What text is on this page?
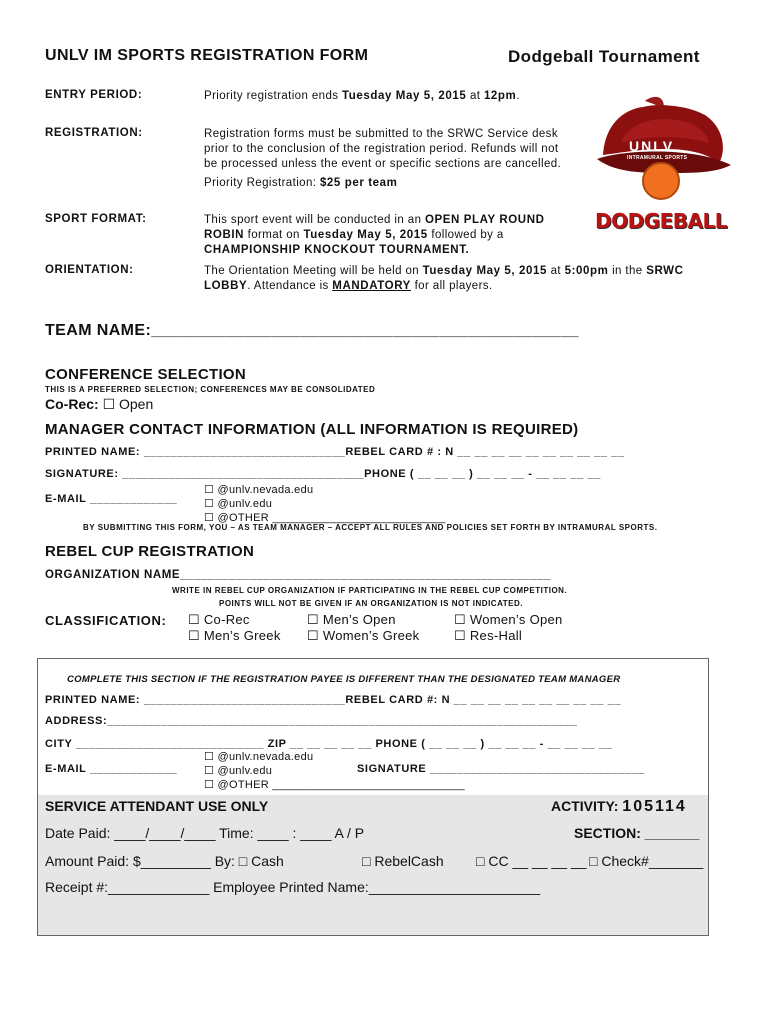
UNLV IM SPORTS REGISTRATION FORM	Dodgeball Tournament
UNLV
INTRAMURAL SPORTS
DODGEBALL
ENTRY PERIOD:	Priority registration ends Tuesday May 5, 2015 at 12pm.
REGISTRATION:	Registration forms must be submitted to the SRWC Service desk
prior to the conclusion of the registration period. Refunds will not
be processed unless the event or specific sections are cancelled.
Priority Registration: $25 per team
SPORT FORMAT:	This sport event will be conducted in an OPEN PLAY ROUND
ROBIN format on Tuesday May 5, 2015 followed by a
CHAMPIONSHIP KNOCKOUT TOURNAMENT.
ORIENTATION:	The Orientation Meeting will be held on Tuesday May 5, 2015 at 5:00pm in the SRWC
LOBBY. Attendance is MANDATORY for all players.
TEAM NAME:______________________________________________
CONFERENCE SELECTION
THIS IS A PREFERRED SELECTION; CONFERENCES MAY BE CONSOLIDATED
Co-Rec: ☐ Open
MANAGER CONTACT INFORMATION (ALL INFORMATION IS REQUIRED)
PRINTED NAME: ______________________________REBEL CARD # : N __ __ __ __ __ __ __ __ __ __
SIGNATURE: ____________________________________PHONE ( __ __ __ ) __ __ __ - __ __ __ __
E-MAIL _____________
☐ @unlv.nevada.edu
☐ @unlv.edu
☐ @OTHER ___________________________
BY SUBMITTING THIS FORM, YOU – AS TEAM MANAGER – ACCEPT ALL RULES AND POLICIES SET FORTH BY INTRAMURAL SPORTS.
REBEL CUP REGISTRATION
ORGANIZATION NAME_____________________________________________________
WRITE IN REBEL CUP ORGANIZATION IF PARTICIPATING IN THE REBEL CUP COMPETITION.
POINTS WILL NOT BE GIVEN IF AN ORGANIZATION IS NOT INDICATED.
CLASSIFICATION: ☐ Co-Rec	☐ Men’s Open	☐ Women’s Open
☐ Men’s Greek ☐ Women’s Greek	☐ Res-Hall
COMPLETE THIS SECTION IF THE REGISTRATION PAYEE IS DIFFERENT THAN THE DESIGNATED TEAM MANAGER
PRINTED NAME: ______________________________REBEL CARD #: N __ __ __ __ __ __ __ __ __ __
ADDRESS:______________________________________________________________________
CITY ____________________________ ZIP __ __ __ __ __ PHONE ( __ __ __ ) __ __ __ - __ __ __ __
E-MAIL _____________
☐ @unlv.nevada.edu
☐ @unlv.edu
☐ @OTHER ______________________________
SIGNATURE ________________________________
SERVICE ATTENDANT USE ONLY	ACTIVITY: 105114
Date Paid: ____/____/____ Time: ____ : ____ A / P	SECTION: _______
Amount Paid: $_________ By: □ Cash	□ RebelCash □ CC __ __ __ __ □ Check#_______
Receipt #:_____________ Employee Printed Name:______________________
